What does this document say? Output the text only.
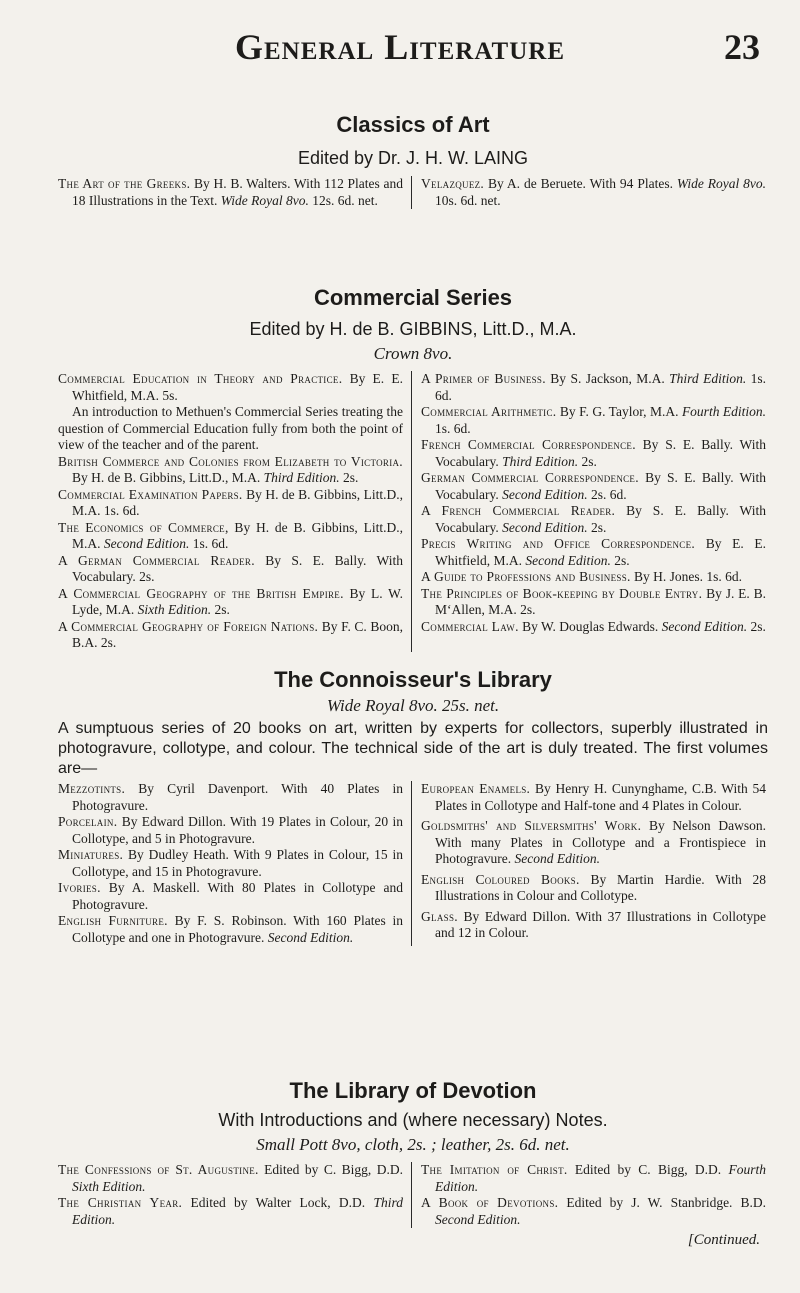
General Literature	23

Classics of Art

Edited by Dr. J. H. W. LAING

The Art of the Greeks. By H. B. Walters. With 112 Plates and 18 Illustrations in the Text. Wide Royal 8vo. 12s. 6d. net.

Velazquez. By A. de Beruete. With 94 Plates. Wide Royal 8vo. 10s. 6d. net.

Commercial Series

Edited by H. de B. GIBBINS, Litt.D., M.A.

Crown 8vo.

Commercial Education in Theory and Practice. By E. E. Whitfield, M.A. 5s.

An introduction to Methuen's Commercial Series treating the question of Commercial Education fully from both the point of view of the teacher and of the parent.

British Commerce and Colonies from Elizabeth to Victoria. By H. de B. Gibbins, Litt.D., M.A. Third Edition. 2s.

Commercial Examination Papers. By H. de B. Gibbins, Litt.D., M.A. 1s. 6d.

The Economics of Commerce, By H. de B. Gibbins, Litt.D., M.A. Second Edition. 1s. 6d.

A German Commercial Reader. By S. E. Bally. With Vocabulary. 2s.

A Commercial Geography of the British Empire. By L. W. Lyde, M.A. Sixth Edition. 2s.

A Commercial Geography of Foreign Nations. By F. C. Boon, B.A. 2s.

A Primer of Business. By S. Jackson, M.A. Third Edition. 1s. 6d.

Commercial Arithmetic. By F. G. Taylor, M.A. Fourth Edition. 1s. 6d.

French Commercial Correspondence. By S. E. Bally. With Vocabulary. Third Edition. 2s.

German Commercial Correspondence. By S. E. Bally. With Vocabulary. Second Edition. 2s. 6d.

A French Commercial Reader. By S. E. Bally. With Vocabulary. Second Edition. 2s.

Precis Writing and Office Correspondence. By E. E. Whitfield, M.A. Second Edition. 2s.

A Guide to Professions and Business. By H. Jones. 1s. 6d.

The Principles of Book-keeping by Double Entry. By J. E. B. M‘Allen, M.A. 2s.

Commercial Law. By W. Douglas Edwards. Second Edition. 2s.

The Connoisseur's Library

Wide Royal 8vo. 25s. net.

A sumptuous series of 20 books on art, written by experts for collectors, superbly illustrated in photogravure, collotype, and colour. The technical side of the art is duly treated. The first volumes are—

Mezzotints. By Cyril Davenport. With 40 Plates in Photogravure.

Porcelain. By Edward Dillon. With 19 Plates in Colour, 20 in Collotype, and 5 in Photogravure.

Miniatures. By Dudley Heath. With 9 Plates in Colour, 15 in Collotype, and 15 in Photogravure.

Ivories. By A. Maskell. With 80 Plates in Collotype and Photogravure.

English Furniture. By F. S. Robinson. With 160 Plates in Collotype and one in Photogravure. Second Edition.

European Enamels. By Henry H. Cunynghame, C.B. With 54 Plates in Collotype and Half-tone and 4 Plates in Colour.

Goldsmiths' and Silversmiths' Work. By Nelson Dawson. With many Plates in Collotype and a Frontispiece in Photogravure. Second Edition.

English Coloured Books. By Martin Hardie. With 28 Illustrations in Colour and Collotype.

Glass. By Edward Dillon. With 37 Illustrations in Collotype and 12 in Colour.

The Library of Devotion

With Introductions and (where necessary) Notes.

Small Pott 8vo, cloth, 2s. ; leather, 2s. 6d. net.

The Confessions of St. Augustine. Edited by C. Bigg, D.D. Sixth Edition.

The Christian Year. Edited by Walter Lock, D.D. Third Edition.

The Imitation of Christ. Edited by C. Bigg, D.D. Fourth Edition.

A Book of Devotions. Edited by J. W. Stanbridge. B.D. Second Edition.

[Continued.
